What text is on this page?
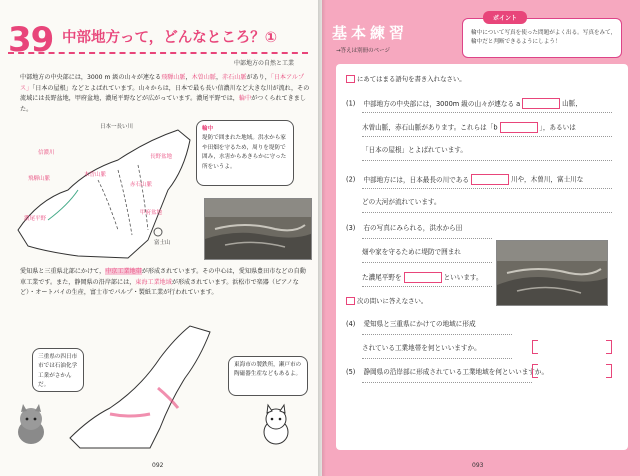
39 中部地方って，どんなところ？①
中部地方の自然と工業
中部地方の中央部には，3000 m 級の山々が連なる飛騨山脈，木曽山脈，赤石山脈があり，「日本アルプス」「日本の屋根」などとよばれています。山々からは，日本で最も長い信濃川など大きな川が流れ，その流域には長野盆地，甲府盆地，濃尾平野などが広がっています。濃尾平野では，輪中がつくられてきました。
日本一長い川
信濃川
飛騨山脈
木曽山脈
赤石山脈
長野盆地
甲府盆地
濃尾平野
富士山
輪中
堤防で囲まれた地域。洪水から家や田畑を守るため，周りを堤防で囲み，水害からあきらかに守った所をいうよ。
愛知県と三重県北部にかけて，中京工業地帯が形成されています。その中心は，愛知県豊田市などの自動車工業です。また，静岡県の沿岸部には，東海工業地域が形成されています。浜松市で楽器（ピアノなど）・オートバイの生産，富士市でパルプ・製紙工業が行われています。
三重県の四日市市では石油化学工業がさかんだ。
東海市の製鉄所，瀬戸市の陶磁器生産などもあるよ。
092
基本練習
→答えは別冊のページ
ポイント
輪中について写真を使った問題がよく出る。写真をみて，輪中だと判断できるようにしよう！
にあてはまる語句を書き入れなさい。
(1) 中部地方の中央部には，3000m 級の山々が連なる a	山脈，
木曽山脈，赤石山脈があります。これらは「b	」，あるいは
「日本の屋根」とよばれています。
(2) 中部地方には，日本最長の川である	川や，木曽川，富士川な
どの大河が流れています。
(3) 右の写真にみられる，洪水から田
畑や家を守るために堤防で囲まれ
た濃尾平野を	といいます。
次の問いに答えなさい。
(4) 愛知県と三重県にかけての地域に形成
されている工業地帯を何といいますか。
(5) 静岡県の沿岸部に形成されている工業地域を何といいますか。
093
